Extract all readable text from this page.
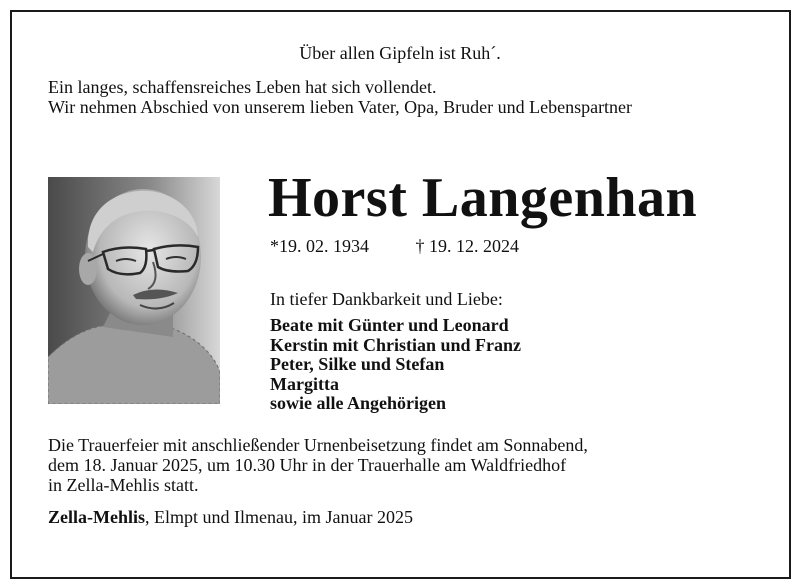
Über allen Gipfeln ist Ruh´.
Ein langes, schaffensreiches Leben hat sich vollendet.
Wir nehmen Abschied von unserem lieben Vater, Opa, Bruder und Lebenspartner
Horst Langenhan
*19. 02. 1934	† 19. 12. 2024
In tiefer Dankbarkeit und Liebe:
Beate mit Günter und Leonard
Kerstin mit Christian und Franz
Peter, Silke und Stefan
Margitta
sowie alle Angehörigen
Die Trauerfeier mit anschließender Urnenbeisetzung findet am Sonnabend,
dem 18. Januar 2025, um 10.30 Uhr in der Trauerhalle am Waldfriedhof
in Zella-Mehlis statt.
Zella-Mehlis, Elmpt und Ilmenau, im Januar 2025
